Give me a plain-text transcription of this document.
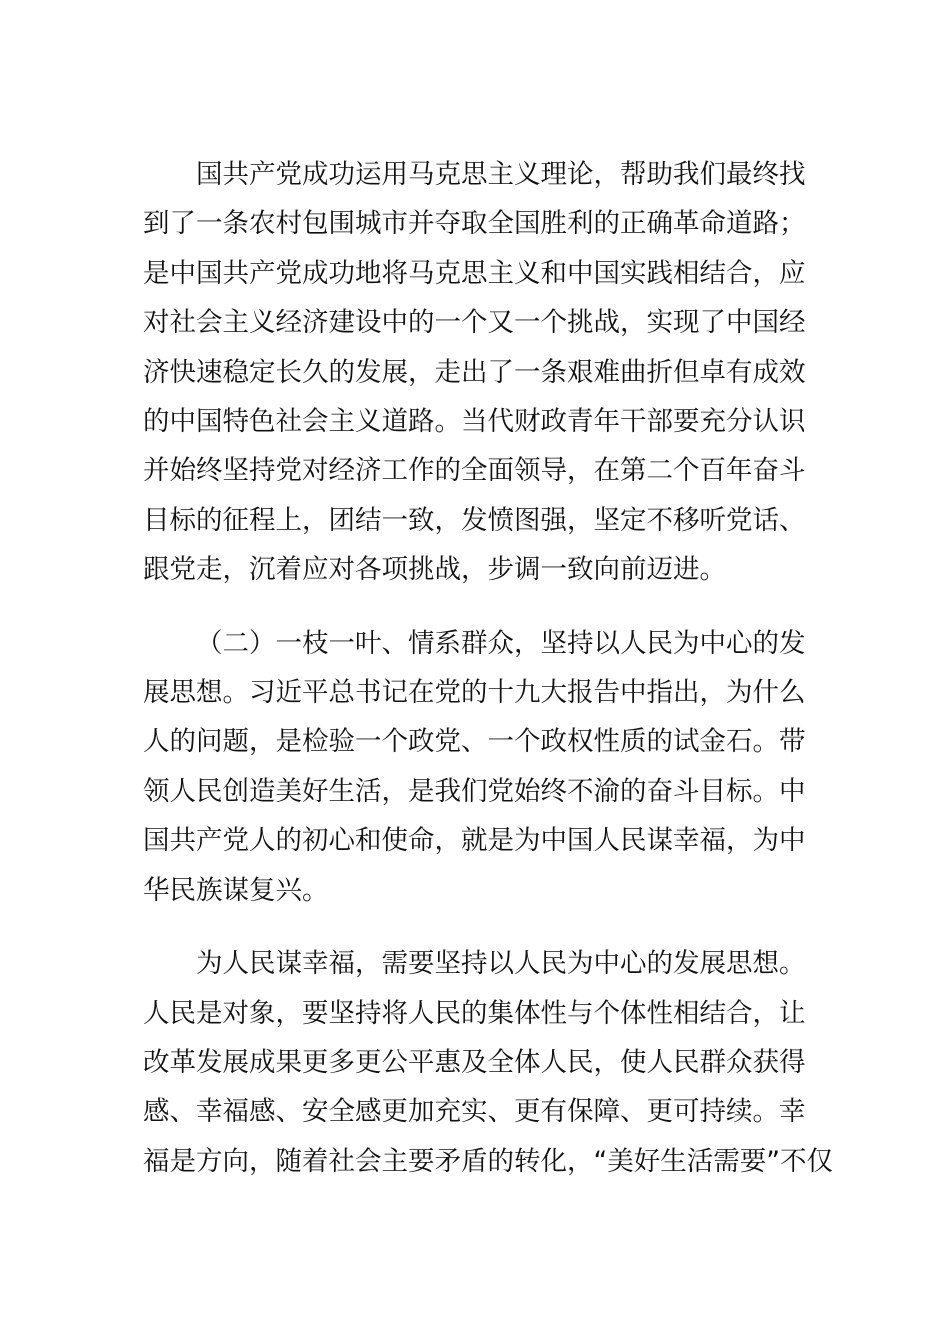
国共产党成功运用马克思主义理论，帮助我们最终找
到了一条农村包围城市并夺取全国胜利的正确革命道路；
是中国共产党成功地将马克思主义和中国实践相结合，应
对社会主义经济建设中的一个又一个挑战，实现了中国经
济快速稳定长久的发展，走出了一条艰难曲折但卓有成效
的中国特色社会主义道路。当代财政青年干部要充分认识
并始终坚持党对经济工作的全面领导，在第二个百年奋斗
目标的征程上，团结一致，发愤图强，坚定不移听党话、
跟党走，沉着应对各项挑战，步调一致向前迈进。

（二）一枝一叶、情系群众，坚持以人民为中心的发
展思想。习近平总书记在党的十九大报告中指出，为什么
人的问题，是检验一个政党、一个政权性质的试金石。带
领人民创造美好生活，是我们党始终不渝的奋斗目标。中
国共产党人的初心和使命，就是为中国人民谋幸福，为中
华民族谋复兴。

为人民谋幸福，需要坚持以人民为中心的发展思想。
人民是对象，要坚持将人民的集体性与个体性相结合，让
改革发展成果更多更公平惠及全体人民，使人民群众获得
感、幸福感、安全感更加充实、更有保障、更可持续。幸
福是方向，随着社会主要矛盾的转化，“美好生活需要”不仅
